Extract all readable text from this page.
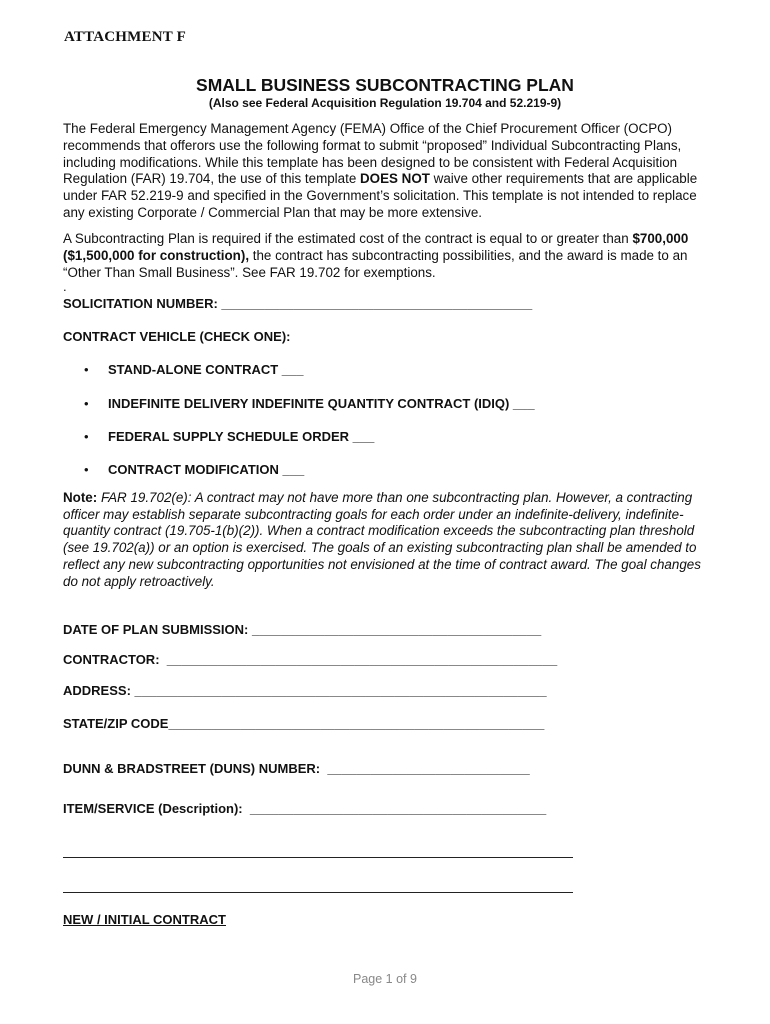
ATTACHMENT F
SMALL BUSINESS SUBCONTRACTING PLAN
(Also see Federal Acquisition Regulation 19.704 and 52.219-9)
The Federal Emergency Management Agency (FEMA) Office of the Chief Procurement Officer (OCPO) recommends that offerors use the following format to submit “proposed” Individual Subcontracting Plans, including modifications. While this template has been designed to be consistent with Federal Acquisition Regulation (FAR) 19.704, the use of this template DOES NOT waive other requirements that are applicable under FAR 52.219-9 and specified in the Government’s solicitation. This template is not intended to replace any existing Corporate / Commercial Plan that may be more extensive.
A Subcontracting Plan is required if the estimated cost of the contract is equal to or greater than $700,000 ($1,500,000 for construction), the contract has subcontracting possibilities, and the award is made to an “Other Than Small Business”. See FAR 19.702 for exemptions.
.
SOLICITATION NUMBER: ___________________________________________
CONTRACT VEHICLE (CHECK ONE):
• STAND-ALONE CONTRACT ___
• INDEFINITE DELIVERY INDEFINITE QUANTITY CONTRACT (IDIQ) ___
• FEDERAL SUPPLY SCHEDULE ORDER ___
• CONTRACT MODIFICATION ___
Note: FAR 19.702(e): A contract may not have more than one subcontracting plan. However, a contracting officer may establish separate subcontracting goals for each order under an indefinite-delivery, indefinite-quantity contract (19.705-1(b)(2)). When a contract modification exceeds the subcontracting plan threshold (see 19.702(a)) or an option is exercised. The goals of an existing subcontracting plan shall be amended to reflect any new subcontracting opportunities not envisioned at the time of contract award. The goal changes do not apply retroactively.
DATE OF PLAN SUBMISSION: ________________________________________
CONTRACTOR:  ______________________________________________________
ADDRESS: _________________________________________________________
STATE/ZIP CODE____________________________________________________
DUNN & BRADSTREET (DUNS) NUMBER:  ____________________________
ITEM/SERVICE (Description):  _________________________________________
NEW / INITIAL CONTRACT
Page 1 of 9
